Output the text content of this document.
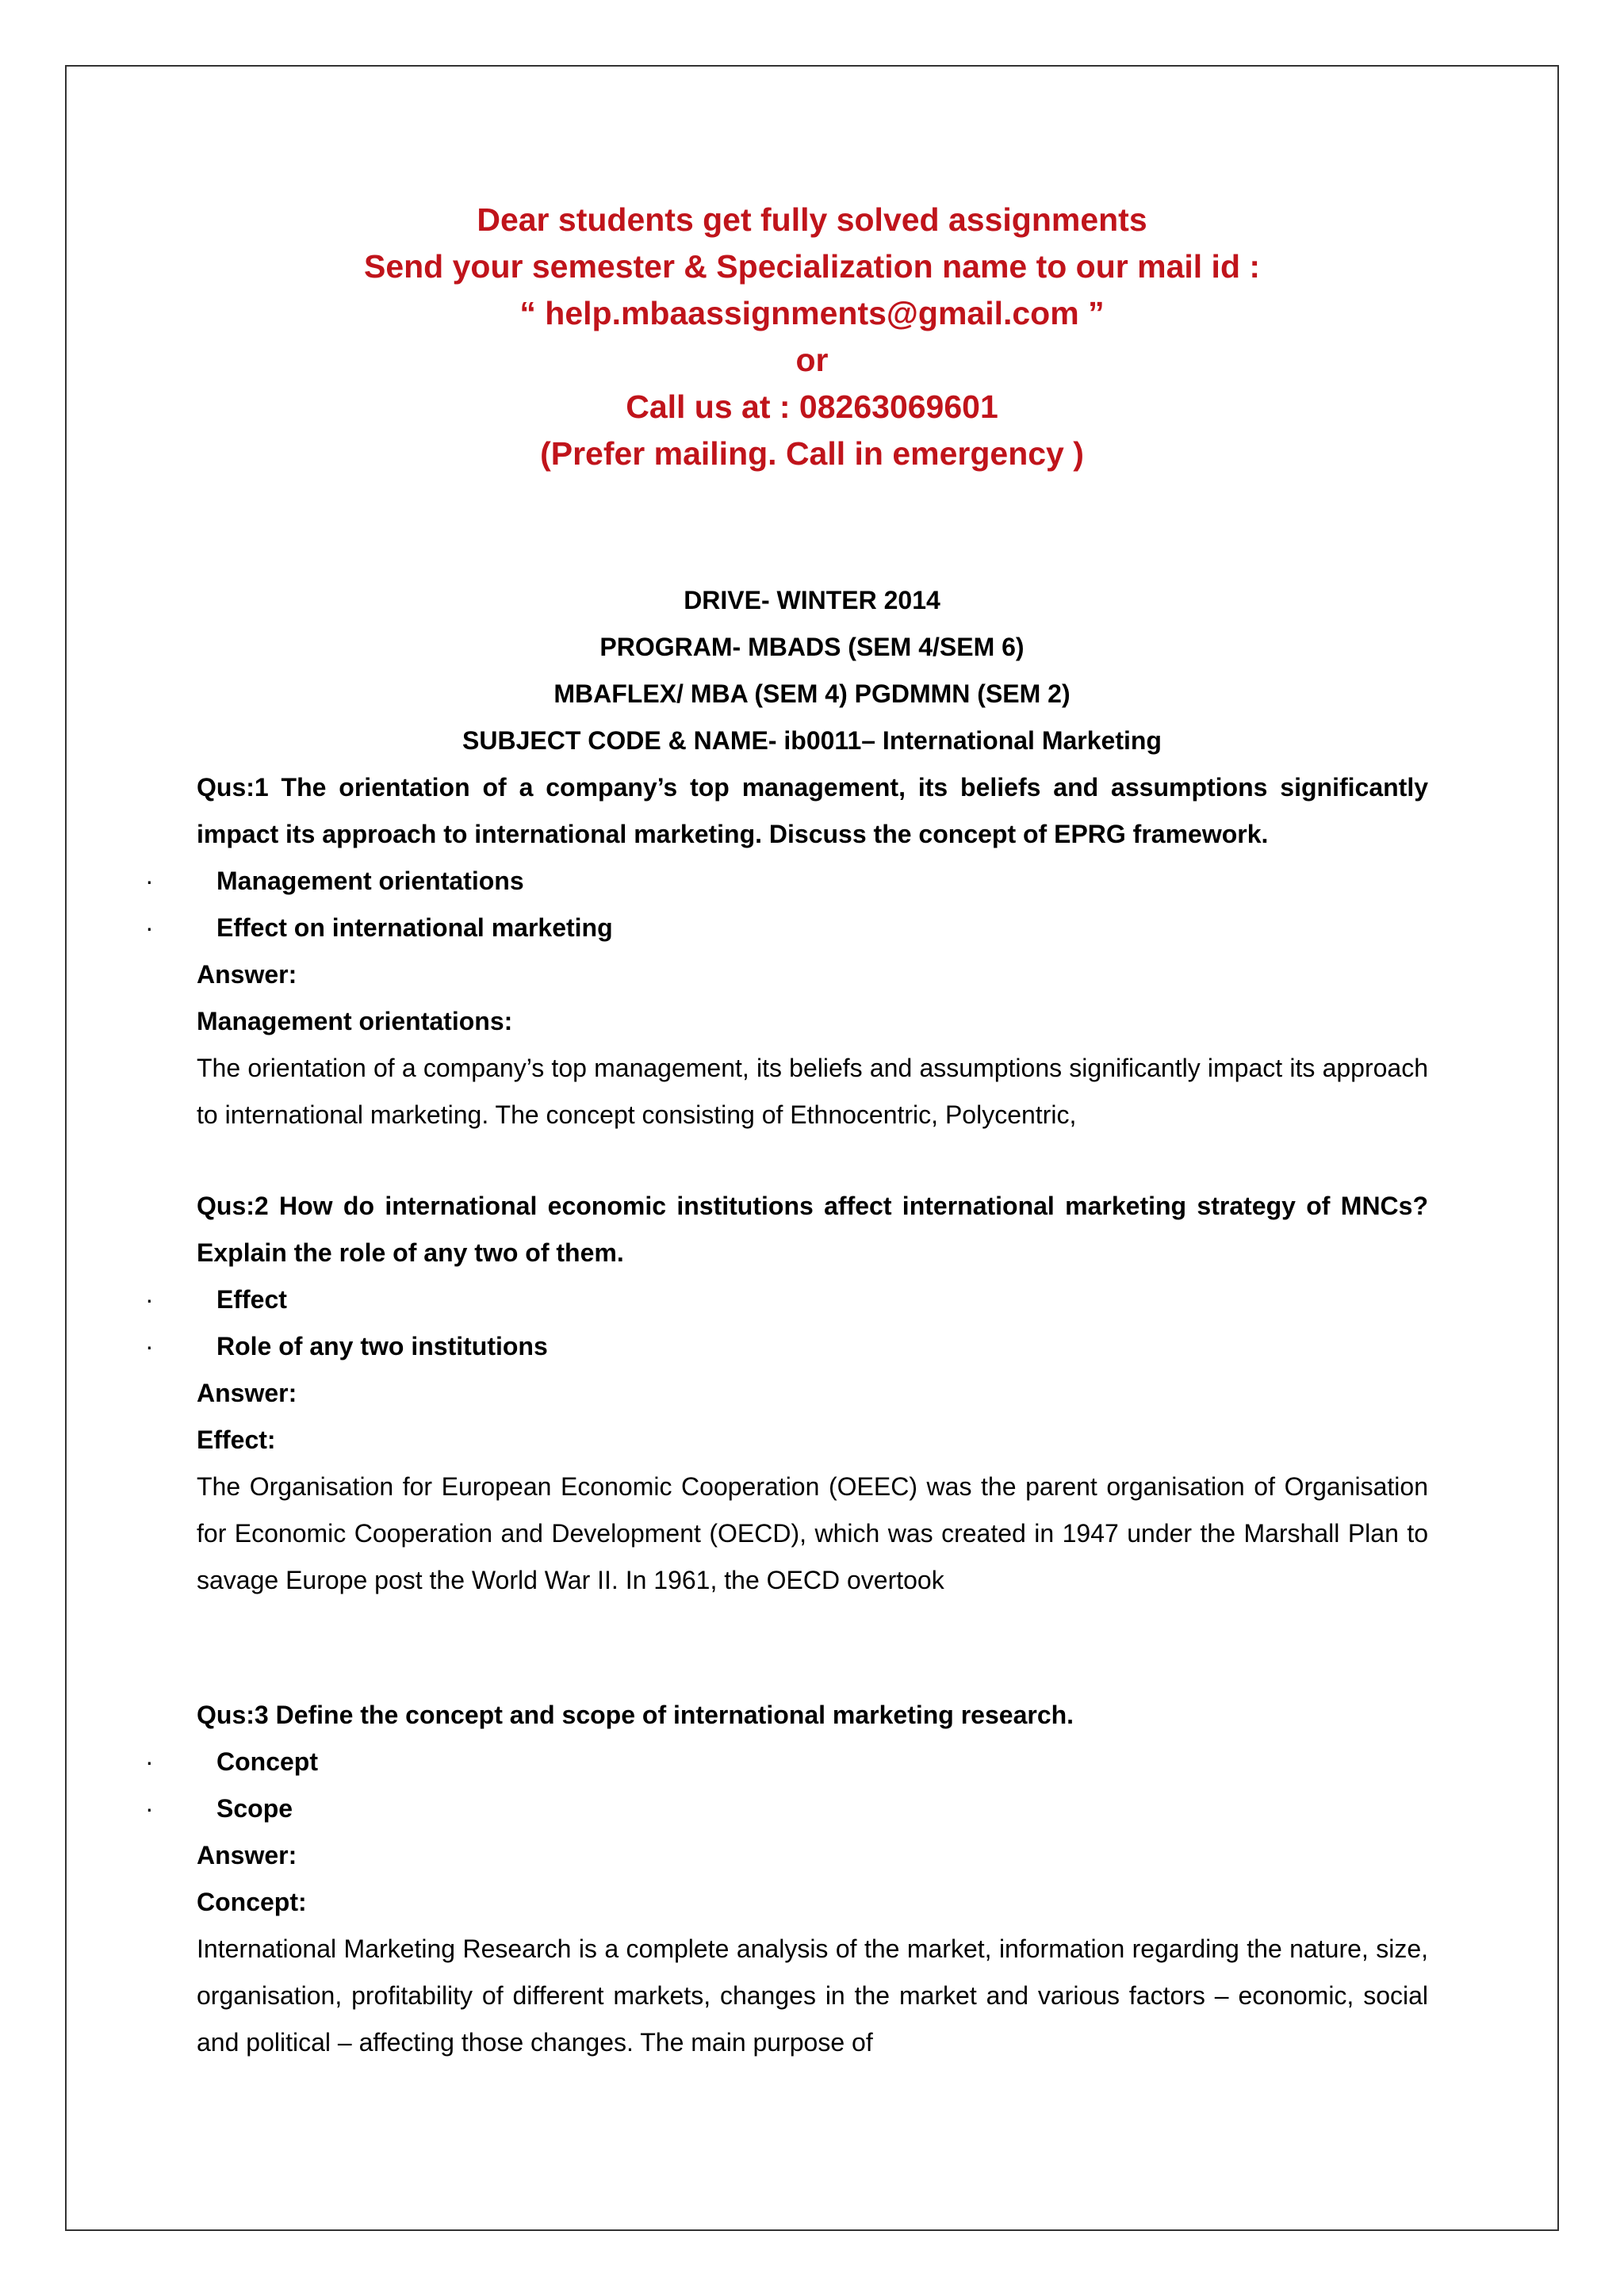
Dear students get fully solved assignments
Send your semester & Specialization name to our mail id :
“ help.mbaassignments@gmail.com ”
or
Call us at : 08263069601
(Prefer mailing. Call in emergency )
DRIVE- WINTER 2014
PROGRAM- MBADS (SEM 4/SEM 6)
MBAFLEX/ MBA (SEM 4) PGDMMN (SEM 2)
SUBJECT CODE & NAME- ib0011– International Marketing
Qus:1 The orientation of a company’s top management, its beliefs and assumptions significantly impact its approach to international marketing. Discuss the concept of EPRG framework.
· Management orientations
· Effect on international marketing
Answer:
Management orientations:
The orientation of a company’s top management, its beliefs and assumptions significantly impact its approach to international marketing. The concept consisting of Ethnocentric, Polycentric,
Qus:2 How do international economic institutions affect international marketing strategy of MNCs? Explain the role of any two of them.
· Effect
· Role of any two institutions
Answer:
Effect:
The Organisation for European Economic Cooperation (OEEC) was the parent organisation of Organisation for Economic Cooperation and Development (OECD), which was created in 1947 under the Marshall Plan to savage Europe post the World War II. In 1961, the OECD overtook
Qus:3 Define the concept and scope of international marketing research.
· Concept
· Scope
Answer:
Concept:
International Marketing Research is a complete analysis of the market, information regarding the nature, size, organisation, profitability of different markets, changes in the market and various factors – economic, social and political – affecting those changes. The main purpose of
